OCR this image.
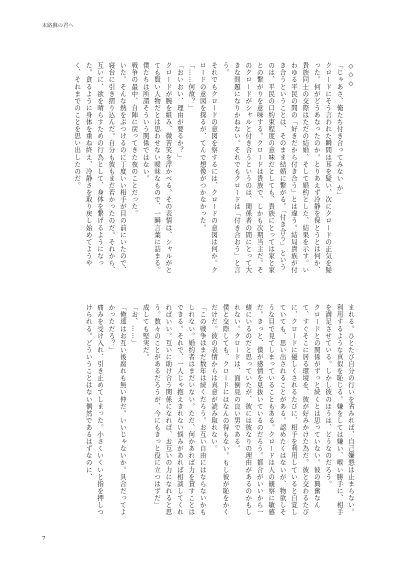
末路蘇の君へ

◇◇◇

「じゃあさ、俺たち付き合ってみない か」

クロードにそう言われた瞬間は耳を疑い、次にクロードの正気を疑った。何がどうあなったのか。とりあえず冷静を保とうとは何か、貴族同士の交際はただの結婚、そして婚約とした、結果を示す。いわゆる平民の間の「好きだから付き合う」とは違う。結局貴族が付き合うということは、そのまま結婚に繋がる。「付き合う」というのは、平民の口約束程度の意味だとしても、貴族にとっては家と家との繋がりを意味する。クロードは貴族で、しかも次期当主だ。そのクロードがシャルと付き合うというのは、関係者の間にとって大きな問題になりかねない。それでもクロードは「付き合おう」と言う。

それでもクロードの意図を察するには、クロードの意図は何か。クロードの意図を探るが、てんで想像がつかなかった。

「……何故？」

「おいおい、理由が要るか？」

クロードが腕を組み、微苦笑を浮かべる。その表情は、シャルがとても賢い人物だとは思わせない曖昧なもので、一瞬言葉に詰まる。

僕たちは所謂そういう関係ではない。

戦争の最中、自陣に戻ってきた夜のことだった。

いた。そんな熱をぶつけるのに丁度いい相手が目の前にいたので、寝台に引き摺り込んだ。自分も彼もまだ若かったのだ。それから、互いに、欲を晴らすための行為として、身体を繋げるようになった。貪るように身体を重ね終え、冷静さを取り戻し始めてようやく、それまでのことを思い出したのだ。

まれる。ひとたび自分の行いを省みれば、自己嫌悪は止まらない。利用するような真似を恥じる。嫌をしては嫌い、喉い勝手に、相手を満足させている。しかし彼のほうは、どうなのだろう。

クロードとの関係がずっと続くとは思っていない。彼の興奮なんて、すぐそこに居る環境を、彼が好みかけた為だ。彼と交わるたびに、クロードに優しくされるたびに、相手を利用していると自覚していても、思い出されることがある。認めたくはないが、物欲しそうな目で見てしまっていることもある。クロードは人の観察に敏感だ。きっと、僕が感情を見抜いているのだろう。都合がいいから一緒にいるのだと思っていたが、彼には彼なりの理由があるのかもしれない。クロードは、面倒見の良い男である。

僕と交際しても、クロードにはなんの得もない。もし彼が恥をかくだけだ。彼の表情からは真意が読み取れない。

「この戦争はまだ数年は続くだろう。お互い自由にはならないかもしれない。婚約者はまだいない。ただ、何かあれば力を貸すことはできる。それで、一人じゃ抱えきれない悩みがあれば相談してくれればいい。互いに助け合う関係になれば、お互いの力になれると思う。数々のことがあるだろうが、今にもきっと役に立つはずだ」

成しても堅実だ。

「お、……」

「俺達はお互い後腐れも無い仲だ。いいじゃないか。具合だってよかっただろ？」

痛みを受け入れ、引き止めてしまった。小さくいくいと指を押しつけられる。どういうことはない偶然であるはずなのに、

7
